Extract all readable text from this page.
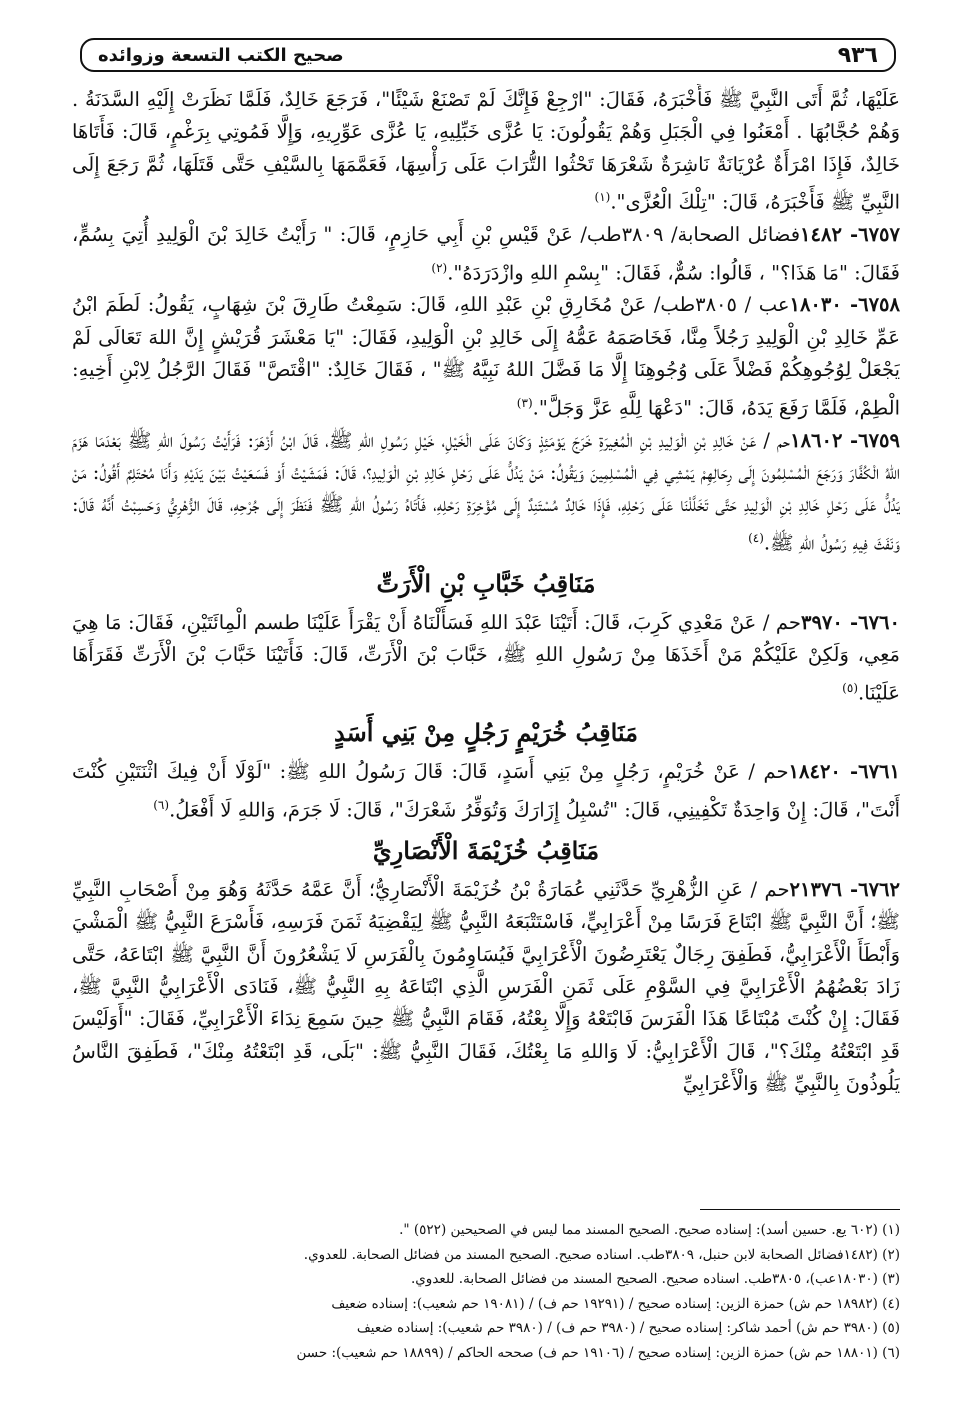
٩٣٦
صحيح الكتب التسعة وزوائده

عَلَيْهَا، ثُمَّ أَتَى النَّبِيَّ ﷺ فَأَخْبَرَهُ، فَقَالَ: "ارْجِعْ فَإِنَّكَ لَمْ تَصْنَعْ شَيْئًا"، فَرَجَعَ خَالِدٌ، فَلَمَّا نَظَرَتْ إِلَيْهِ السَّدَنَةُ . وَهُمْ حُجَّابُهَا . أَمْعَنُوا فِي الْجَبَلِ وَهُمْ يَقُولُونَ: يَا عُزَّى خَبِّلِيهِ، يَا عُزَّى عَوِّرِيهِ، وَإِلَّا فَمُوتِي بِرَغْمٍ، قَالَ: فَأَتَاهَا خَالِدٌ، فَإِذَا امْرَأَةٌ عُرْيَانَةٌ نَاشِرَةٌ شَعْرَهَا تَحْثُوا التُّرَابَ عَلَى رَأْسِهَا، فَعَمَّمَهَا بِالسَّيْفِ حَتَّى قَتَلَهَا، ثُمَّ رَجَعَ إِلَى النَّبِيِّ ﷺ فَأَخْبَرَهُ، قَالَ: "تِلْكَ الْعُزَّى".$^{(١)}$

٦٧٥٧- ١٤٨٢فضائل الصحابة/ ٣٨٠٩طب/ عَنْ قَيْسِ بْنِ أَبِي حَازِمٍ، قَالَ: " رَأَيْتُ خَالِدَ بْنَ الْوَلِيدِ أُتِيَ بِسُمٍّ، فَقَالَ: "مَا هَذَا؟" ، قَالُوا: سُمٌّ، فَقَالَ: "بِسْمِ اللهِ وازْدَرَدَهُ".$^{(٢)}$

٦٧٥٨- ١٨٠٣٠عب / ٣٨٠٥طب/ عَنْ مُخَارِقِ بْنِ عَبْدِ اللهِ، قَالَ: سَمِعْتُ طَارِقَ بْنَ شِهَابٍ، يَقُولُ: لَطَمَ ابْنُ عَمِّ خَالِدِ بْنِ الْوَلِيدِ رَجُلاً مِنَّا، فَخَاصَمَهُ عَمُّهُ إِلَى خَالِدِ بْنِ الْوَلِيدِ، فَقَالَ: "يَا مَعْشَرَ قُرَيْشٍ إِنَّ اللهَ تَعَالَى لَمْ يَجْعَلْ لِوُجُوهِكُمْ فَضْلاً عَلَى وُجُوهِنَا إِلَّا مَا فَضَّلَ اللهُ نَبِيَّهُ ﷺ" ، فَقَالَ خَالِدٌ: "اقْتَصَّ" فَقَالَ الرَّجُلُ لِابْنِ أَخِيهِ: الْطِمْ، فَلَمَّا رَفَعَ يَدَهُ، قَالَ: "دَعْهَا لِلَّهِ عَزَّ وَجَلَّ".$^{(٣)}$

٦٧٥٩- ١٨٦٠٢حم / عَنْ خَالِدِ بْنِ الْوَلِيدِ بْنِ الْمُغِيرَةِ خَرَجَ يَوْمَئِذٍ وَكَانَ عَلَى الْخَيْلِ، خَيْلِ رَسُولِ اللهِ ﷺ، قَالَ ابْنُ أَزْهَرَ: فَرَأَيْتُ رَسُولَ اللهِ ﷺ بَعْدَمَا هَزَمَ اللهُ الْكُفَّارَ وَرَجَعَ الْمُسْلِمُونَ إِلَى رِحَالِهِمْ يَمْشِي فِي الْمُسْلِمِينَ وَيَقُولُ: مَنْ يَدُلُّ عَلَى رَحْلِ خَالِدِ بْنِ الْوَلِيدِ؟، قَالَ: فَمَشَيْتُ أَوْ فَسَعَيْتُ بَيْنَ يَدَيْهِ وَأَنَا مُحْتَلِمٌ أَقُولُ: مَنْ يَدُلُّ عَلَى رَحْلِ خَالِدِ بْنِ الْوَلِيدِ حَتَّى تَخَلَّلْنَا عَلَى رَحْلِهِ، فَإِذَا خَالِدٌ مُسْتَنِدٌ إِلَى مُؤْخِرَةِ رَحْلِهِ، فَأَتَاهُ رَسُولُ اللهِ ﷺ فَنَظَرَ إِلَى جُرْحِهِ، قَالَ الزُّهْرِيُّ وَحَسِبْتُ أَنَّهُ قَالَ: وَنَفَثَ فِيهِ رَسُولُ اللهِ ﷺ.$^{(٤)}$

مَنَاقِبُ خَبَّابِ بْنِ الْأَرَتِّ

٦٧٦٠- ٣٩٧٠حم / عَنْ مَعْدِي كَرِبَ، قَالَ: أَتَيْنَا عَبْدَ اللهِ فَسَأَلْنَاهُ أَنْ يَقْرَأَ عَلَيْنَا طسم الْمِائَتَيْنِ، فَقَالَ: مَا هِيَ مَعِي، وَلَكِنْ عَلَيْكُمْ مَنْ أَخَذَهَا مِنْ رَسُولِ اللهِ ﷺ، خَبَّابَ بْنَ الْأَرَتِّ، قَالَ: فَأَتَيْنَا خَبَّابَ بْنَ الْأَرَتِّ فَقَرَأَهَا عَلَيْنَا.$^{(٥)}$

مَنَاقِبُ خُرَيْمٍ رَجُلٍ مِنْ بَنِي أَسَدٍ

٦٧٦١- ١٨٤٢٠حم / عَنْ خُرَيْمٍ، رَجُلٍ مِنْ بَنِي أَسَدٍ، قَالَ: قَالَ رَسُولُ اللهِ ﷺ: "لَوْلَا أَنْ فِيكَ اثْنَتَيْنِ كُنْتَ أَنْتَ"، قَالَ: إِنْ وَاحِدَةٌ تَكْفِينِي، قَالَ: "تُسْبِلُ إِزَارَكَ وَتُوَفِّرُ شَعْرَكَ"، قَالَ: لَا جَرَمَ، وَاللهِ لَا أَفْعَلُ.$^{(٦)}$

مَنَاقِبُ خُزَيْمَةَ الْأَنْصَارِيِّ

٦٧٦٢- ٢١٣٧٦حم / عَنِ الزُّهْرِيِّ حَدَّثَنِي عُمَارَةُ بْنُ خُزَيْمَةَ الْأَنْصَارِيُّ؛ أَنَّ عَمَّهُ حَدَّثَهُ وَهُوَ مِنْ أَصْحَابِ النَّبِيِّ ﷺ؛ أَنَّ النَّبِيَّ ﷺ ابْتَاعَ فَرَسًا مِنْ أَعْرَابِيٍّ، فَاسْتَتْبَعَهُ النَّبِيُّ ﷺ لِيَقْضِيَهُ ثَمَنَ فَرَسِهِ، فَأَسْرَعَ النَّبِيُّ ﷺ الْمَشْيَ وَأَبْطَأَ الْأَعْرَابِيُّ، فَطَفِقَ رِجَالٌ يَعْتَرِضُونَ الْأَعْرَابِيَّ فَيُسَاوِمُونَ بِالْفَرَسِ لَا يَشْعُرُونَ أَنَّ النَّبِيَّ ﷺ ابْتَاعَهُ، حَتَّى زَادَ بَعْضُهُمُ الْأَعْرَابِيَّ فِي السَّوْمِ عَلَى ثَمَنِ الْفَرَسِ الَّذِي ابْتَاعَهُ بِهِ النَّبِيُّ ﷺ، فَنَادَى الْأَعْرَابِيُّ النَّبِيَّ ﷺ، فَقَالَ: إِنْ كُنْتَ مُبْتَاعًا هَذَا الْفَرَسَ فَابْتَعْهُ وَإِلَّا بِعْتُهُ، فَقَامَ النَّبِيُّ ﷺ حِينَ سَمِعَ نِدَاءَ الْأَعْرَابِيِّ، فَقَالَ: "أَوَلَيْسَ قَدِ ابْتَعْتُهُ مِنْكَ؟"، قَالَ الْأَعْرَابِيُّ: لَا وَاللهِ مَا بِعْتُكَ، فَقَالَ النَّبِيُّ ﷺ: "بَلَى، قَدِ ابْتَعْتُهُ مِنْكَ"، فَطَفِقَ النَّاسُ يَلُوذُونَ بِالنَّبِيِّ ﷺ وَالْأَعْرَابِيِّ

(١) (٦٠٢ يع. حسين أسد): إسناده صحيح. الصحيح المسند مما ليس في الصحيحين (٥٢٢) ".

(٢) (١٤٨٢فضائل الصحابة لابن حنبل، ٣٨٠٩طب. اسناده صحيح. الصحيح المسند من فضائل الصحابة. للعدوي.

(٣) (١٨٠٣٠عب)، ٣٨٠٥طب. اسناده صحيح. الصحيح المسند من فضائل الصحابة. للعدوي.

(٤) (١٨٩٨٢ حم ش) حمزة الزين: إسناده صحيح / (١٩٢٩١ حم ف) / (١٩٠٨١ حم شعيب): إسناده ضعيف

(٥) (٣٩٨٠ حم ش) أحمد شاكر: إسناده صحيح / (٣٩٨٠ حم ف) / (٣٩٨٠ حم شعيب): إسناده ضعيف

(٦) (١٨٨٠١ حم ش) حمزة الزين: إسناده صحيح / (١٩١٠٦ حم ف) صححه الحاكم / (١٨٨٩٩ حم شعيب): حسن
